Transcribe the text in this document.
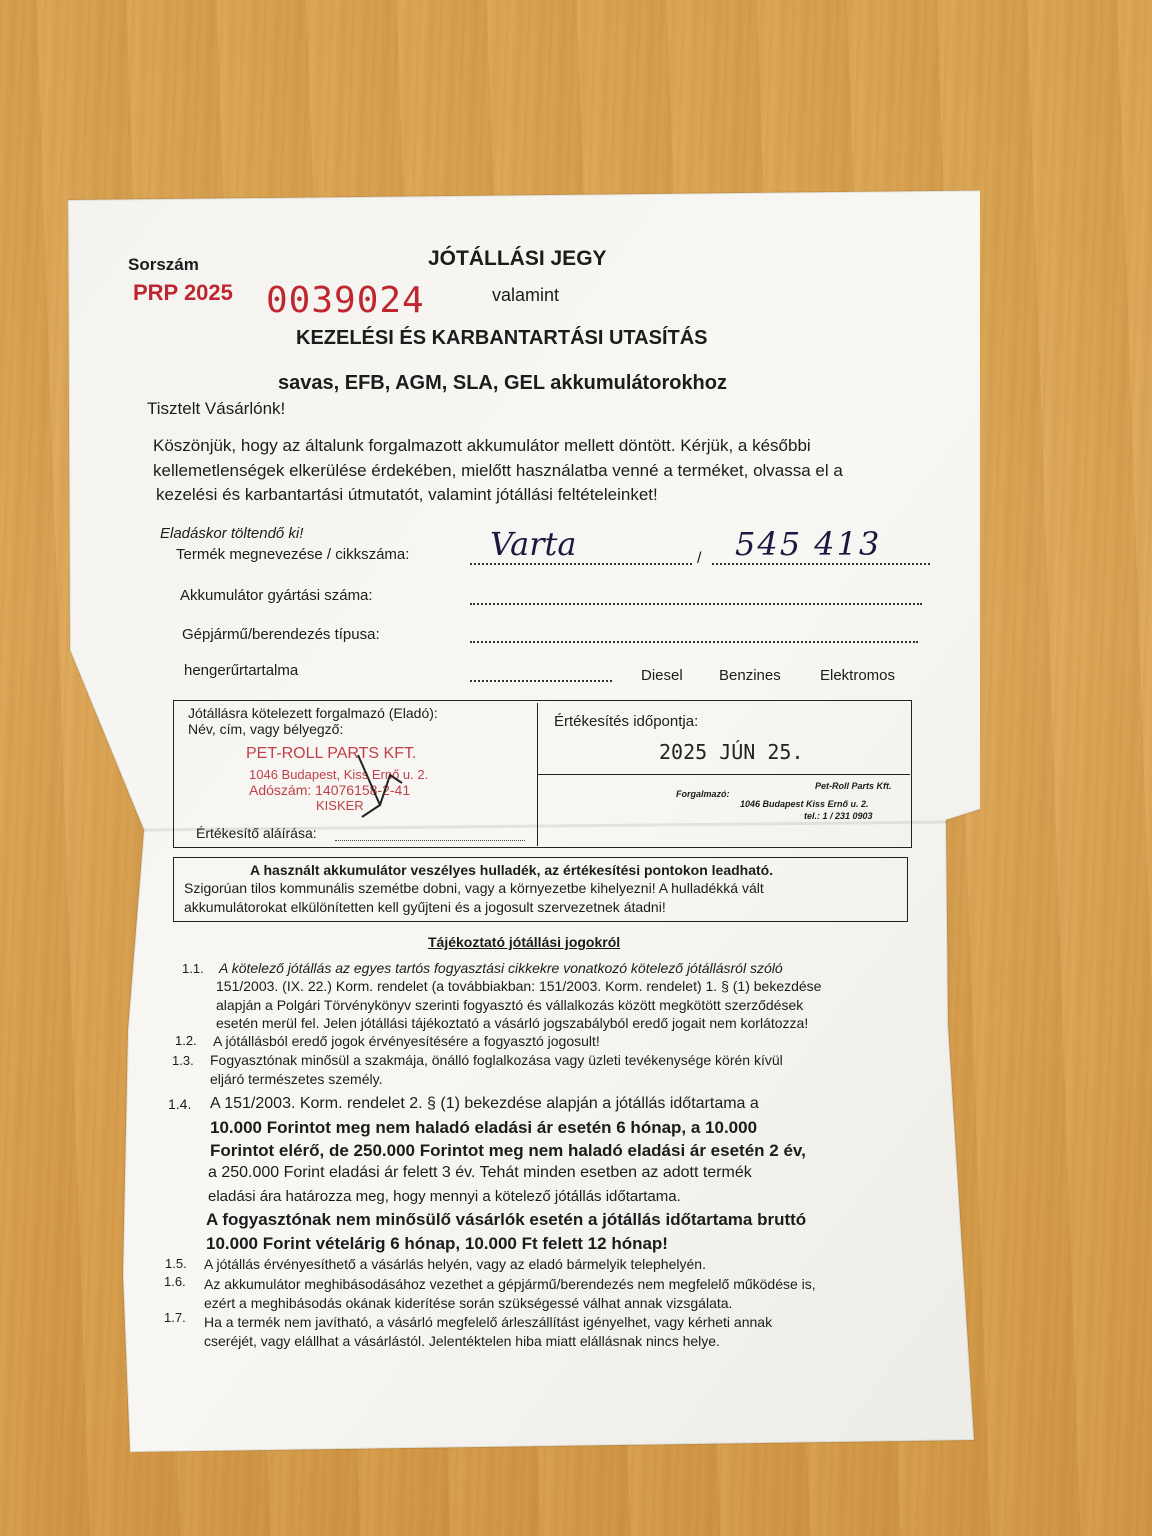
Sorszám
PRP 2025 0039024
JÓTÁLLÁSI JEGY
valamint
KEZELÉSI ÉS KARBANTARTÁSI UTASÍTÁS
savas, EFB, AGM, SLA, GEL akkumulátorokhoz
Tisztelt Vásárlónk!
Köszönjük, hogy az általunk forgalmazott akkumulátor mellett döntött. Kérjük, a későbbi
kellemetlenségek elkerülése érdekében, mielőtt használatba venné a terméket, olvassa el a
kezelési és karbantartási útmutatót, valamint jótállási feltételeinket!
Eladáskor töltendő ki!
Termék megnevezése / cikkszáma:	/
Varta	545 413
Akkumulátor gyártási száma:
Gépjármű/berendezés típusa:
hengerűrtartalma	Diesel Benzines	Elektromos
Jótállásra kötelezett forgalmazó (Eladó):
Név, cím, vagy bélyegző:
PET-ROLL PARTS KFT.
1046 Budapest, Kiss Ernő u. 2.
Adószám: 14076158-2-41
KISKER
Értékesítő aláírása:
Értékesítés időpontja:
2025 JÚN 25.
Forgalmazó:
Pet-Roll Parts Kft.
1046 Budapest Kiss Ernő u. 2.
tel.: 1 / 231 0903
A használt akkumulátor veszélyes hulladék, az értékesítési pontokon leadható.
Szigorúan tilos kommunális szemétbe dobni, vagy a környezetbe kihelyezni! A hulladékká vált
akkumulátorokat elkülönítetten kell gyűjteni és a jogosult szervezetnek átadni!
Tájékoztató jótállási jogokról
1.1. A kötelező jótállás az egyes tartós fogyasztási cikkekre vonatkozó kötelező jótállásról szóló
151/2003. (IX. 22.) Korm. rendelet (a továbbiakban: 151/2003. Korm. rendelet) 1. § (1) bekezdése
alapján a Polgári Törvénykönyv szerinti fogyasztó és vállalkozás között megkötött szerződések
esetén merül fel. Jelen jótállási tájékoztató a vásárló jogszabályból eredő jogait nem korlátozza!
1.2. A jótállásból eredő jogok érvényesítésére a fogyasztó jogosult!
1.3. Fogyasztónak minősül a szakmája, önálló foglalkozása vagy üzleti tevékenysége körén kívül
eljáró természetes személy.
1.4. A 151/2003. Korm. rendelet 2. § (1) bekezdése alapján a jótállás időtartama a
10.000 Forintot meg nem haladó eladási ár esetén 6 hónap, a 10.000
Forintot elérő, de 250.000 Forintot meg nem haladó eladási ár esetén 2 év,
a 250.000 Forint eladási ár felett 3 év. Tehát minden esetben az adott termék
eladási ára határozza meg, hogy mennyi a kötelező jótállás időtartama.
A fogyasztónak nem minősülő vásárlók esetén a jótállás időtartama bruttó
10.000 Forint vételárig 6 hónap, 10.000 Ft felett 12 hónap!
1.5. A jótállás érvényesíthető a vásárlás helyén, vagy az eladó bármelyik telephelyén.
1.6. Az akkumulátor meghibásodásához vezethet a gépjármű/berendezés nem megfelelő működése is,
ezért a meghibásodás okának kiderítése során szükségessé válhat annak vizsgálata.
1.7. Ha a termék nem javítható, a vásárló megfelelő árleszállítást igényelhet, vagy kérheti annak
cseréjét, vagy elállhat a vásárlástól. Jelentéktelen hiba miatt elállásnak nincs helye.
